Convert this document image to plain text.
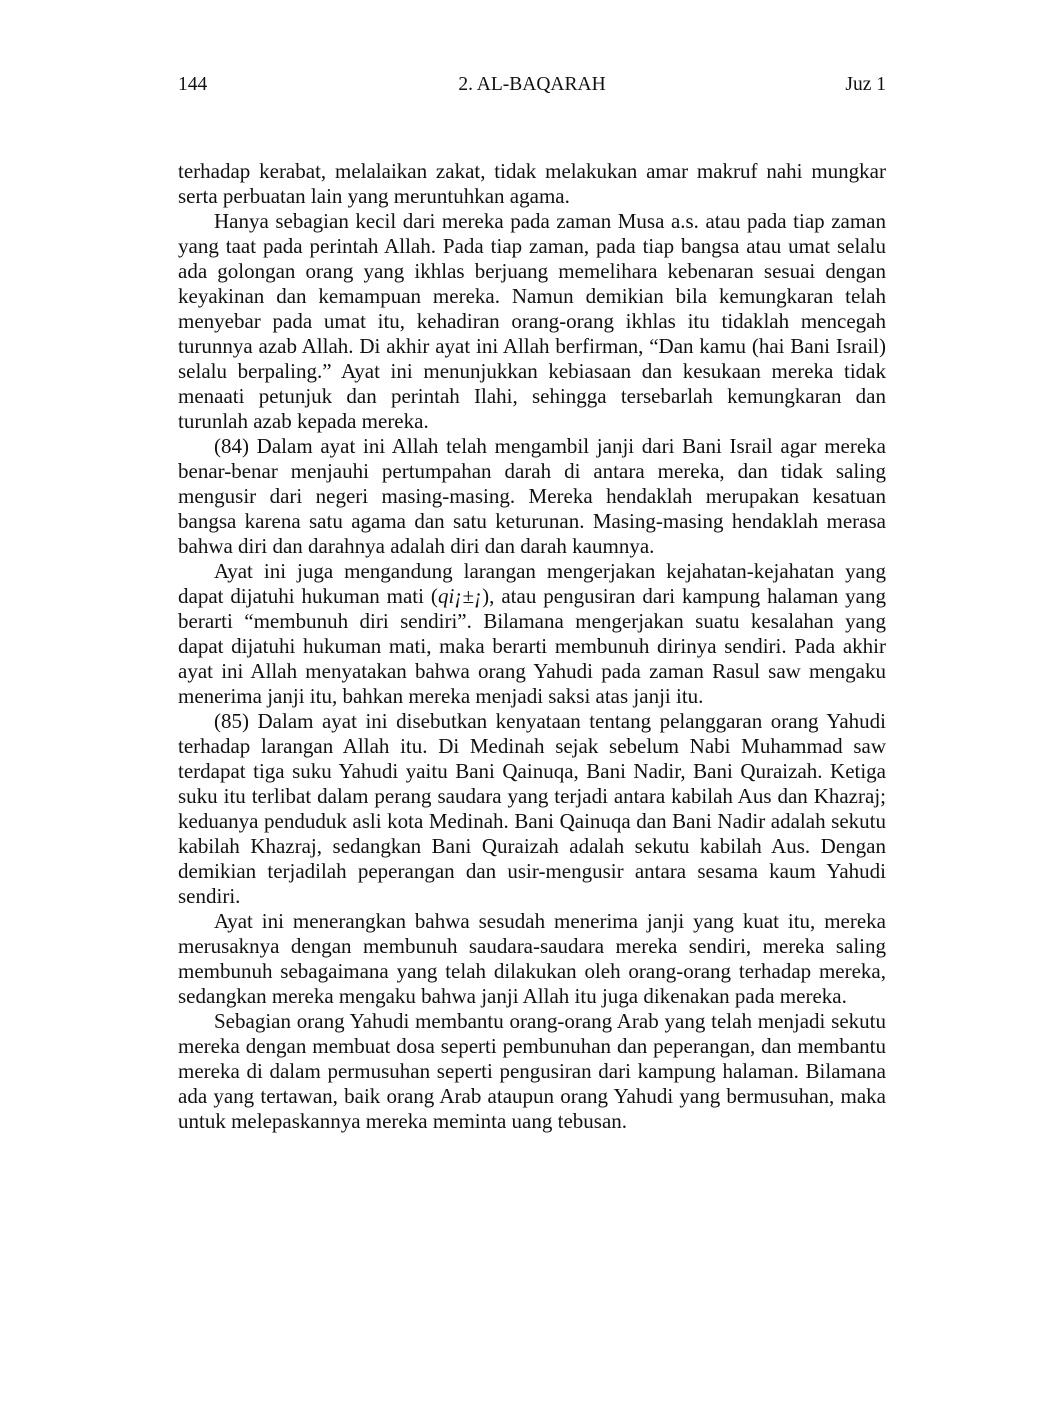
144	2. AL-BAQARAH	Juz 1

terhadap kerabat, melalaikan zakat, tidak melakukan amar makruf nahi mungkar serta perbuatan lain yang meruntuhkan agama.

Hanya sebagian kecil dari mereka pada zaman Musa a.s. atau pada tiap zaman yang taat pada perintah Allah. Pada tiap zaman, pada tiap bangsa atau umat selalu ada golongan orang yang ikhlas berjuang memelihara kebenaran sesuai dengan keyakinan dan kemampuan mereka. Namun demikian bila kemungkaran telah menyebar pada umat itu, kehadiran orang-orang ikhlas itu tidaklah mencegah turunnya azab Allah. Di akhir ayat ini Allah berfirman, “Dan kamu (hai Bani Israil) selalu berpaling.” Ayat ini menunjukkan kebiasaan dan kesukaan mereka tidak menaati petunjuk dan perintah Ilahi, sehingga tersebarlah kemungkaran dan turunlah azab kepada mereka.

(84) Dalam ayat ini Allah telah mengambil janji dari Bani Israil agar mereka benar-benar menjauhi pertumpahan darah di antara mereka, dan tidak saling mengusir dari negeri masing-masing. Mereka hendaklah merupakan kesatuan bangsa karena satu agama dan satu keturunan. Masing-masing hendaklah merasa bahwa diri dan darahnya adalah diri dan darah kaumnya.

Ayat ini juga mengandung larangan mengerjakan kejahatan-kejahatan yang dapat dijatuhi hukuman mati (qi¡±¡), atau pengusiran dari kampung halaman yang berarti “membunuh diri sendiri”. Bilamana mengerjakan suatu kesalahan yang dapat dijatuhi hukuman mati, maka berarti membunuh dirinya sendiri. Pada akhir ayat ini Allah menyatakan bahwa orang Yahudi pada zaman Rasul saw mengaku menerima janji itu, bahkan mereka menjadi saksi atas janji itu.

(85) Dalam ayat ini disebutkan kenyataan tentang pelanggaran orang Yahudi terhadap larangan Allah itu. Di Medinah sejak sebelum Nabi Muhammad saw terdapat tiga suku Yahudi yaitu Bani Qainuqa, Bani Nadir, Bani Quraizah. Ketiga suku itu terlibat dalam perang saudara yang terjadi antara kabilah Aus dan Khazraj; keduanya penduduk asli kota Medinah. Bani Qainuqa dan Bani Nadir adalah sekutu kabilah Khazraj, sedangkan Bani Quraizah adalah sekutu kabilah Aus. Dengan demikian terjadilah peperangan dan usir-mengusir antara sesama kaum Yahudi sendiri.

Ayat ini menerangkan bahwa sesudah menerima janji yang kuat itu, mereka merusaknya dengan membunuh saudara-saudara mereka sendiri, mereka saling membunuh sebagaimana yang telah dilakukan oleh orang-orang terhadap mereka, sedangkan mereka mengaku bahwa janji Allah itu juga dikenakan pada mereka.

Sebagian orang Yahudi membantu orang-orang Arab yang telah menjadi sekutu mereka dengan membuat dosa seperti pembunuhan dan peperangan, dan membantu mereka di dalam permusuhan seperti pengusiran dari kampung halaman. Bilamana ada yang tertawan, baik orang Arab ataupun orang Yahudi yang bermusuhan, maka untuk melepaskannya mereka meminta uang tebusan.
